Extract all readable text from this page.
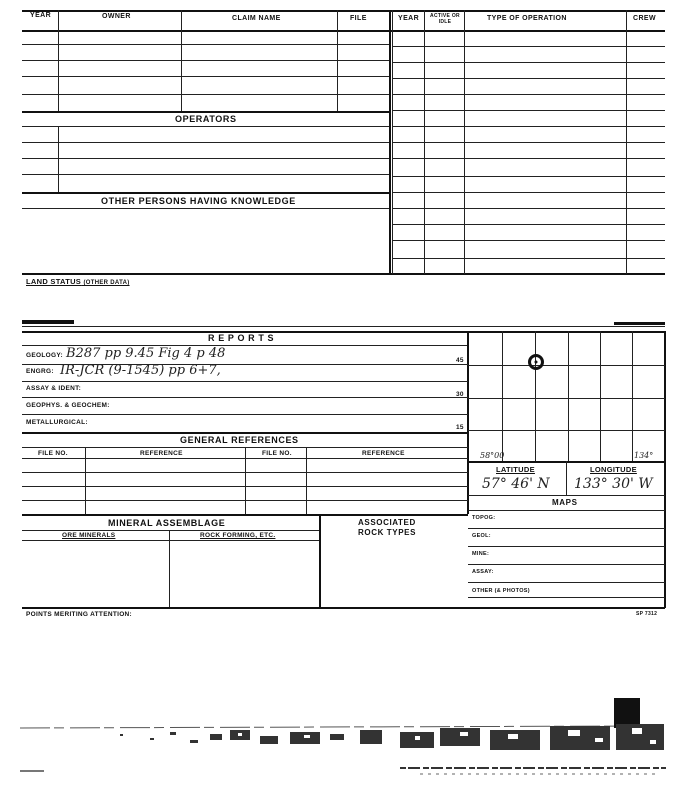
YEAR	OWNER	CLAIM NAME	FILE	YEAR	ACTIVE OR IDLE	TYPE OF OPERATION	CREW
OPERATORS
OTHER PERSONS HAVING KNOWLEDGE
LAND STATUS (OTHER DATA)
R E P O R T S
GEOLOGY: B287 pp 9.45 Fig 4 p 48	45
ENGRG: IR-JCR (9-1545) pp 6+7,
ASSAY & IDENT:
30
GEOPHYS. & GEOCHEM:
METALLURGICAL:
15
GENERAL REFERENCES
FILE NO.	REFERENCE	FILE NO.	REFERENCE
MINERAL ASSEMBLAGE	ASSOCIATED
ROCK TYPES
ORE MINERALS	ROCK FORMING, ETC.
58°00	134°
LATITUDE	LONGITUDE
57° 46' N 133° 30' W
MAPS
TOPOG:
GEOL:
MINE:
ASSAY:
OTHER (& PHOTOS)
POINTS MERITING ATTENTION:	SP 7312
